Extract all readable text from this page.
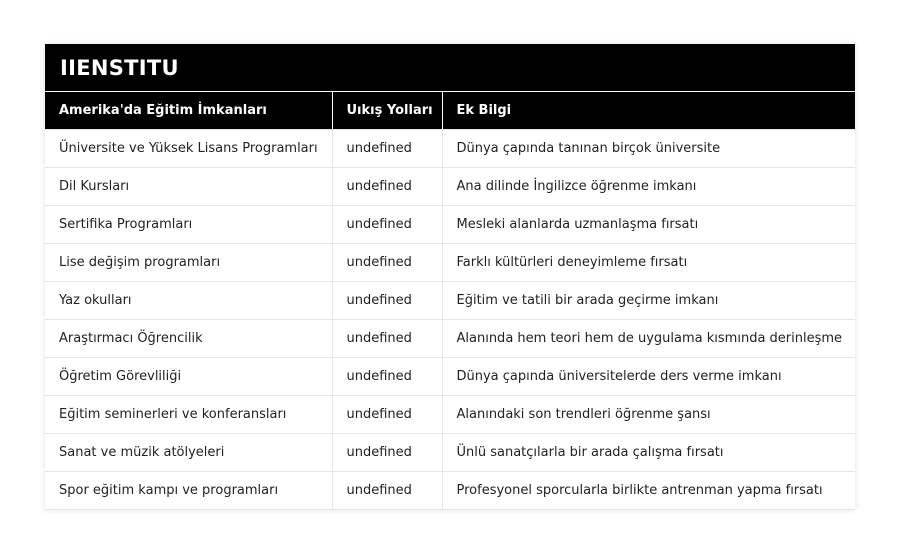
IIENSTITU
Amerika'da Eğitim İmkanları	Uıkış Yolları	Ek Bilgi
Üniversite ve Yüksek Lisans Programları	undefined	Dünya çapında tanınan birçok üniversite
Dil Kursları	undefined	Ana dilinde İngilizce öğrenme imkanı
Sertifika Programları	undefined	Mesleki alanlarda uzmanlaşma fırsatı
Lise değişim programları	undefined	Farklı kültürleri deneyimleme fırsatı
Yaz okulları	undefined	Eğitim ve tatili bir arada geçirme imkanı
Araştırmacı Öğrencilik	undefined	Alanında hem teori hem de uygulama kısmında derinleşme
Öğretim Görevliliği	undefined	Dünya çapında üniversitelerde ders verme imkanı
Eğitim seminerleri ve konferansları	undefined	Alanındaki son trendleri öğrenme şansı
Sanat ve müzik atölyeleri	undefined	Ünlü sanatçılarla bir arada çalışma fırsatı
Spor eğitim kampı ve programları	undefined	Profesyonel sporcularla birlikte antrenman yapma fırsatı
